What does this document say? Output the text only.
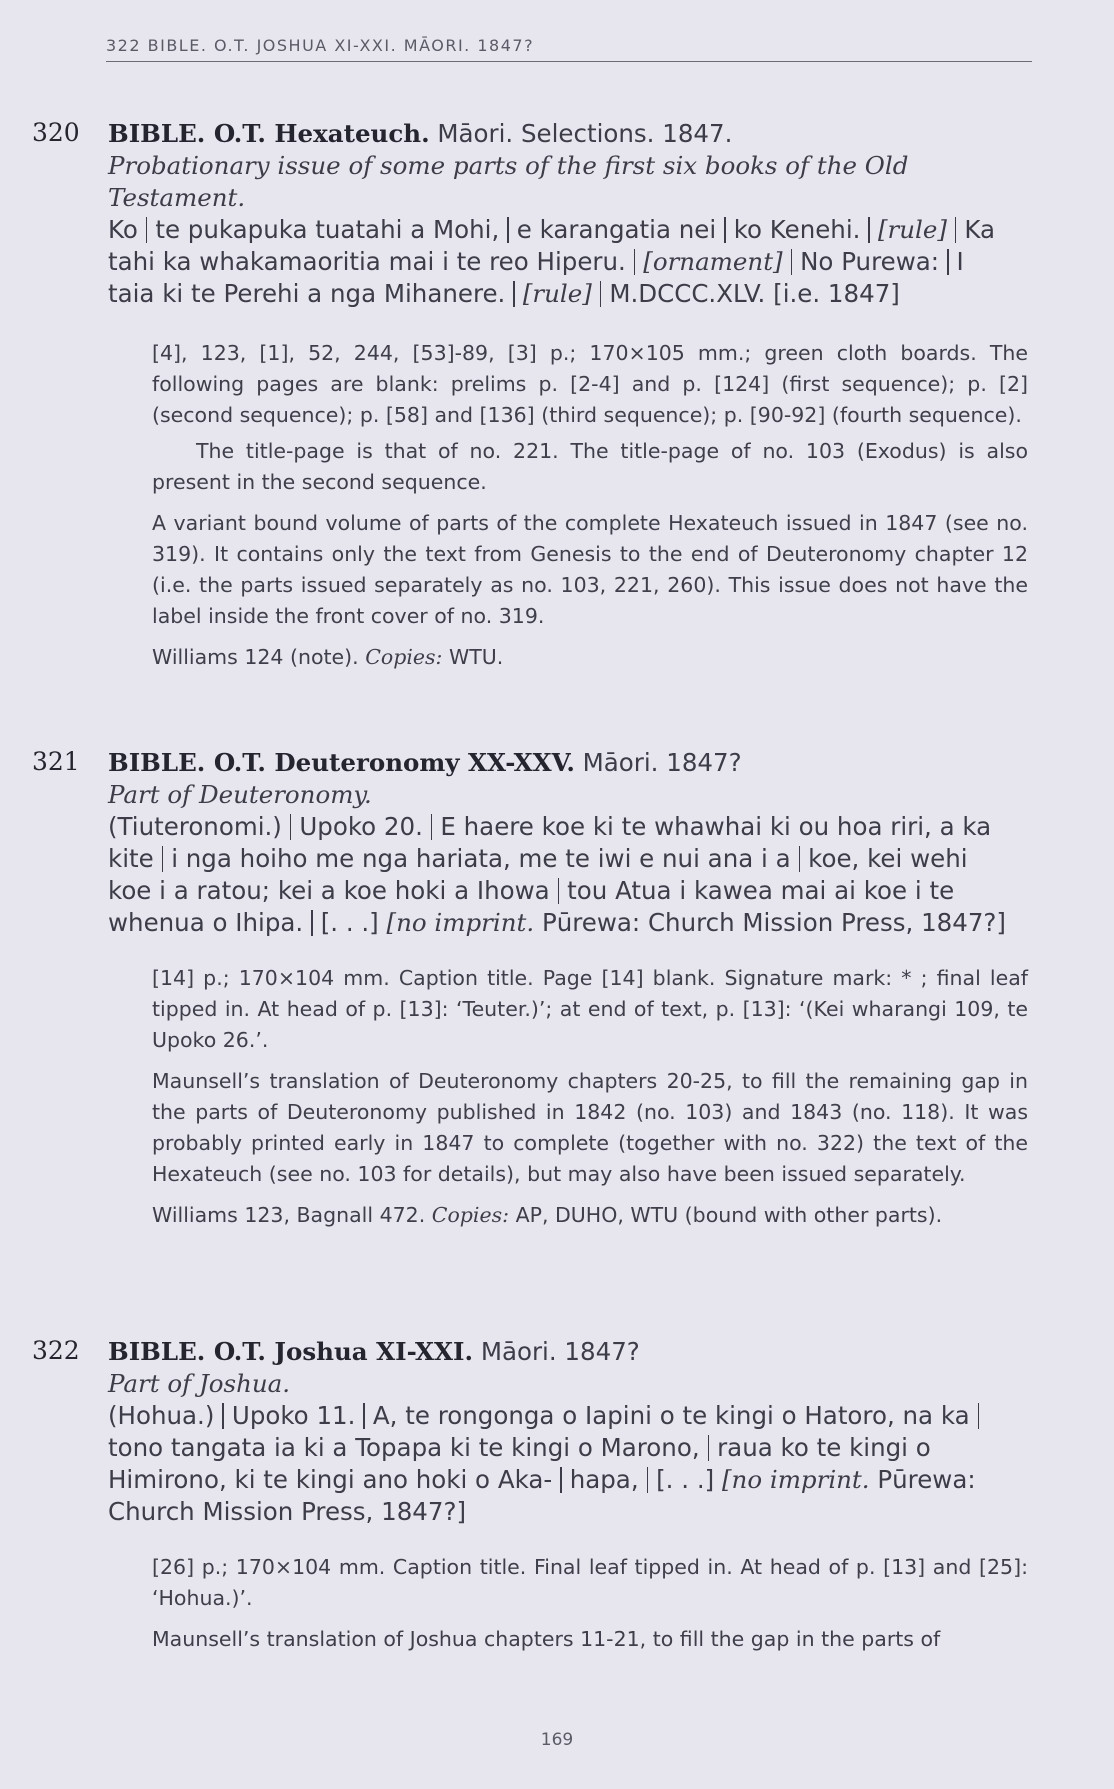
322 BIBLE. O.T. JOSHUA XI-XXI. MĀORI. 1847?
320 BIBLE. O.T. Hexateuch. Māori. Selections. 1847.
Probationary issue of some parts of the first six books of the Old Testament.
Ko te pukapuka tuatahi a Mohi, e karangatia nei ko Kenehi. [rule] Ka tahi ka whakamaoritia mai i te reo Hiperu. [ornament] No Purewa: I taia ki te Perehi a nga Mihanere. [rule] M.DCCC.XLV. [i.e. 1847]

[4], 123, [1], 52, 244, [53]-89, [3] p.; 170×105 mm.; green cloth boards. The following pages are blank: prelims p. [2-4] and p. [124] (first sequence); p. [2] (second sequence); p. [58] and [136] (third sequence); p. [90-92] (fourth sequence).

The title-page is that of no. 221. The title-page of no. 103 (Exodus) is also present in the second sequence.

A variant bound volume of parts of the complete Hexateuch issued in 1847 (see no. 319). It contains only the text from Genesis to the end of Deuteronomy chapter 12 (i.e. the parts issued separately as no. 103, 221, 260). This issue does not have the label inside the front cover of no. 319.

Williams 124 (note). Copies: WTU.

321 BIBLE. O.T. Deuteronomy XX-XXV. Māori. 1847?
Part of Deuteronomy.
(Tiuteronomi.) Upoko 20. E haere koe ki te whawhai ki ou hoa riri, a ka kite i nga hoiho me nga hariata, me te iwi e nui ana i a koe, kei wehi koe i a ratou; kei a koe hoki a Ihowa tou Atua i kawea mai ai koe i te whenua o Ihipa. [. . .] [no imprint. Pūrewa: Church Mission Press, 1847?]

[14] p.; 170×104 mm. Caption title. Page [14] blank. Signature mark: * ; final leaf tipped in. At head of p. [13]: ‘Teuter.)’; at end of text, p. [13]: ‘(Kei wharangi 109, te Upoko 26.’.

Maunsell’s translation of Deuteronomy chapters 20-25, to fill the remaining gap in the parts of Deuteronomy published in 1842 (no. 103) and 1843 (no. 118). It was probably printed early in 1847 to complete (together with no. 322) the text of the Hexateuch (see no. 103 for details), but may also have been issued separately.

Williams 123, Bagnall 472. Copies: AP, DUHO, WTU (bound with other parts).

322 BIBLE. O.T. Joshua XI-XXI. Māori. 1847?
Part of Joshua.
(Hohua.) Upoko 11. A, te rongonga o Iapini o te kingi o Hatoro, na katono tangata ia ki a Topapa ki te kingi o Marono, raua ko te kingi o Himirono, ki te kingi ano hoki o Aka- hapa, [. . .] [no imprint. Pūrewa: Church Mission Press, 1847?]

[26] p.; 170×104 mm. Caption title. Final leaf tipped in. At head of p. [13] and [25]: ‘Hohua.)’.

Maunsell’s translation of Joshua chapters 11-21, to fill the gap in the parts of

169
